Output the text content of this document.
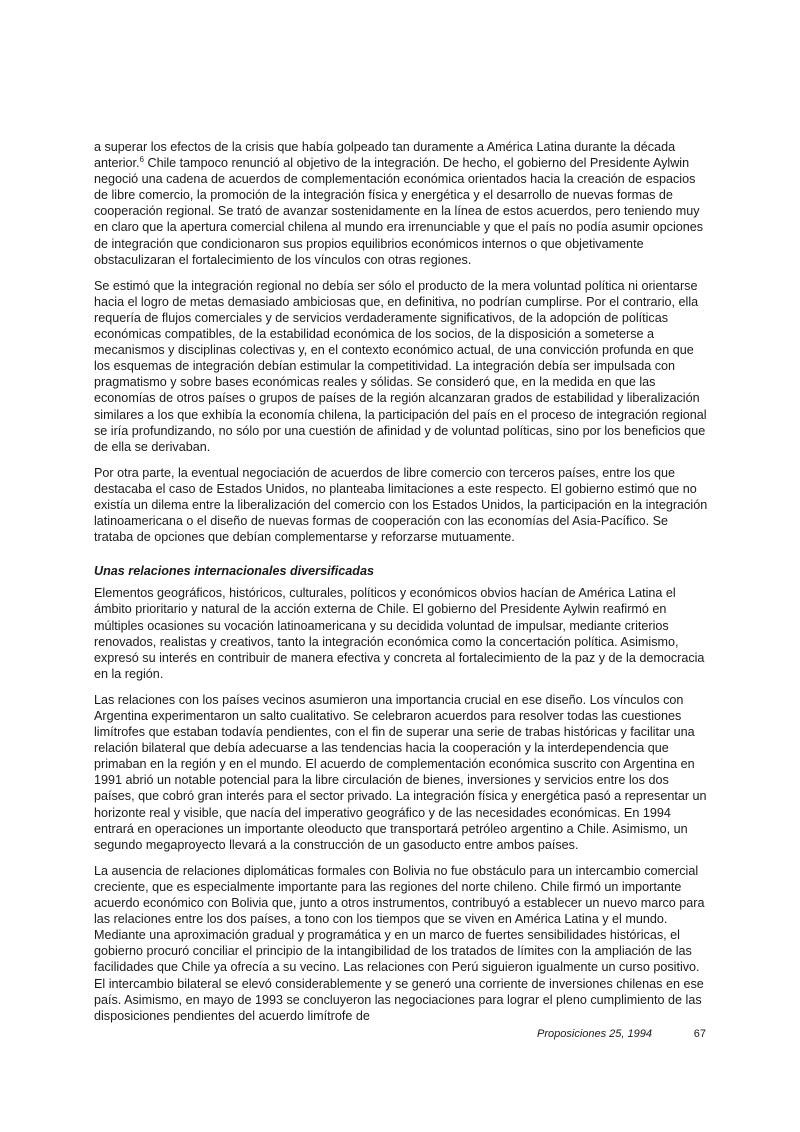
a superar los efectos de la crisis que había golpeado tan duramente a América Latina durante la década anterior.$^6$ Chile tampoco renunció al objetivo de la integración. De hecho, el gobierno del Presidente Aylwin negoció una cadena de acuerdos de complementación económica orientados hacia la creación de espacios de libre comercio, la promoción de la integración física y energética y el desarrollo de nuevas formas de cooperación regional. Se trató de avanzar sostenidamente en la línea de estos acuerdos, pero teniendo muy en claro que la apertura comercial chilena al mundo era irrenunciable y que el país no podía asumir opciones de integración que condicionaron sus propios equilibrios económicos internos o que objetivamente obstaculizaran el fortalecimiento de los vínculos con otras regiones.

Se estimó que la integración regional no debía ser sólo el producto de la mera voluntad política ni orientarse hacia el logro de metas demasiado ambiciosas que, en definitiva, no podrían cumplirse. Por el contrario, ella requería de flujos comerciales y de servicios verdaderamente significativos, de la adopción de políticas económicas compatibles, de la estabilidad económica de los socios, de la disposición a someterse a mecanismos y disciplinas colectivas y, en el contexto económico actual, de una convicción profunda en que los esquemas de integración debían estimular la competitividad. La integración debía ser impulsada con pragmatismo y sobre bases económicas reales y sólidas. Se consideró que, en la medida en que las economías de otros países o grupos de países de la región alcanzaran grados de estabilidad y liberalización similares a los que exhibía la economía chilena, la participación del país en el proceso de integración regional se iría profundizando, no sólo por una cuestión de afinidad y de voluntad políticas, sino por los beneficios que de ella se derivaban.

Por otra parte, la eventual negociación de acuerdos de libre comercio con terceros países, entre los que destacaba el caso de Estados Unidos, no planteaba limitaciones a este respecto. El gobierno estimó que no existía un dilema entre la liberalización del comercio con los Estados Unidos, la participación en la integración latinoamericana o el diseño de nuevas formas de cooperación con las economías del Asia-Pacífico. Se trataba de opciones que debían complementarse y reforzarse mutuamente.

Unas relaciones internacionales diversificadas

Elementos geográficos, históricos, culturales, políticos y económicos obvios hacían de América Latina el ámbito prioritario y natural de la acción externa de Chile. El gobierno del Presidente Aylwin reafirmó en múltiples ocasiones su vocación latinoamericana y su decidida voluntad de impulsar, mediante criterios renovados, realistas y creativos, tanto la integración económica como la concertación política. Asimismo, expresó su interés en contribuir de manera efectiva y concreta al fortalecimiento de la paz y de la democracia en la región.

Las relaciones con los países vecinos asumieron una importancia crucial en ese diseño. Los vínculos con Argentina experimentaron un salto cualitativo. Se celebraron acuerdos para resolver todas las cuestiones limítrofes que estaban todavía pendientes, con el fin de superar una serie de trabas históricas y facilitar una relación bilateral que debía adecuarse a las tendencias hacia la cooperación y la interdependencia que primaban en la región y en el mundo. El acuerdo de complementación económica suscrito con Argentina en 1991 abrió un notable potencial para la libre circulación de bienes, inversiones y servicios entre los dos países, que cobró gran interés para el sector privado. La integración física y energética pasó a representar un horizonte real y visible, que nacía del imperativo geográfico y de las necesidades económicas. En 1994 entrará en operaciones un importante oleoducto que transportará petróleo argentino a Chile. Asimismo, un segundo megaproyecto llevará a la construcción de un gasoducto entre ambos países.

La ausencia de relaciones diplomáticas formales con Bolivia no fue obstáculo para un intercambio comercial creciente, que es especialmente importante para las regiones del norte chileno. Chile firmó un importante acuerdo económico con Bolivia que, junto a otros instrumentos, contribuyó a establecer un nuevo marco para las relaciones entre los dos países, a tono con los tiempos que se viven en América Latina y el mundo. Mediante una aproximación gradual y programática y en un marco de fuertes sensibilidades históricas, el gobierno procuró conciliar el principio de la intangibilidad de los tratados de límites con la ampliación de las facilidades que Chile ya ofrecía a su vecino. Las relaciones con Perú siguieron igualmente un curso positivo. El intercambio bilateral se elevó considerablemente y se generó una corriente de inversiones chilenas en ese país. Asimismo, en mayo de 1993 se concluyeron las negociaciones para lograr el pleno cumplimiento de las disposiciones pendientes del acuerdo limítrofe de

Proposiciones 25, 1994	67
